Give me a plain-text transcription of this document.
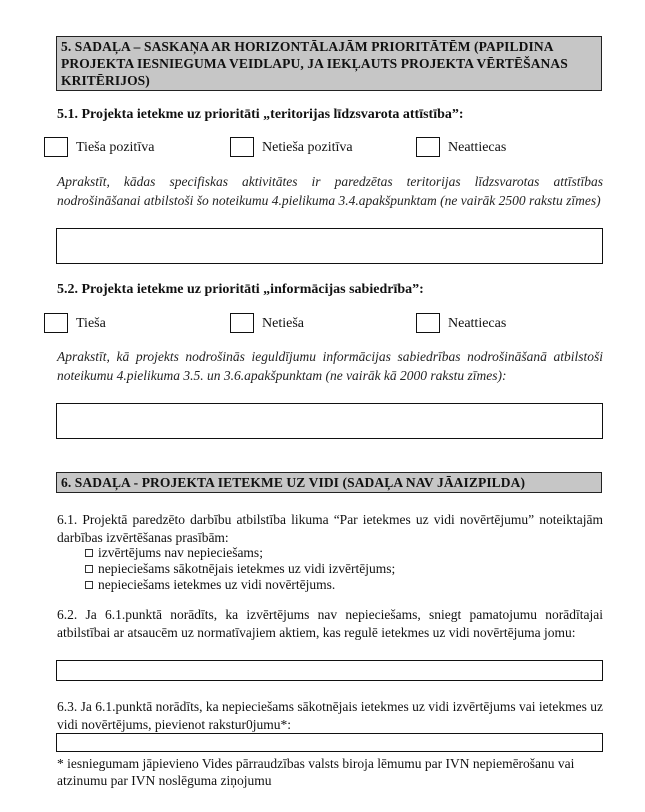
5. SADAĻA – SASKAŅA AR HORIZONTĀLAJĀM PRIORITĀTĒM (PAPILDINA PROJEKTA IESNIEGUMA VEIDLAPU, JA IEKĻAUTS PROJEKTA VĒRTĒŠANAS KRITĒRIJOS)
5.1. Projekta ietekme uz prioritāti „teritorijas līdzsvarota attīstība”:
Tieša pozitīva	Netieša pozitīva	Neattiecas
Aprakstīt, kādas specifiskas aktivitātes ir paredzētas teritorijas līdzsvarotas attīstības nodrošināšanai atbilstoši šo noteikumu 4.pielikuma 3.4.apakšpunktam (ne vairāk 2500 rakstu zīmes)
5.2. Projekta ietekme uz prioritāti „informācijas sabiedrība”:
Tieša	Netieša	Neattiecas
Aprakstīt, kā projekts nodrošinās ieguldījumu informācijas sabiedrības nodrošināšanā atbilstoši noteikumu 4.pielikuma 3.5. un 3.6.apakšpunktam (ne vairāk kā 2000 rakstu zīmes):
6. SADAĻA - PROJEKTA IETEKME UZ VIDI (SADAĻA NAV JĀAIZPILDA)
6.1. Projektā paredzēto darbību atbilstība likuma “Par ietekmes uz vidi novērtējumu” noteiktajām darbības izvērtēšanas prasībām:
izvērtējums nav nepieciešams;
nepieciešams sākotnējais ietekmes uz vidi izvērtējums;
nepieciešams ietekmes uz vidi novērtējums.
6.2. Ja 6.1.punktā norādīts, ka izvērtējums nav nepieciešams, sniegt pamatojumu norādītajai atbilstībai ar atsaucēm uz normatīvajiem aktiem, kas regulē ietekmes uz vidi novērtējuma jomu:
6.3. Ja 6.1.punktā norādīts, ka nepieciešams sākotnējais ietekmes uz vidi izvērtējums vai ietekmes uz vidi novērtējums, pievienot rakstur0jumu*:
* iesniegumam jāpievieno Vides pārraudzības valsts biroja lēmumu par IVN nepiemērošanu vai atzinumu par IVN noslēguma ziņojumu
